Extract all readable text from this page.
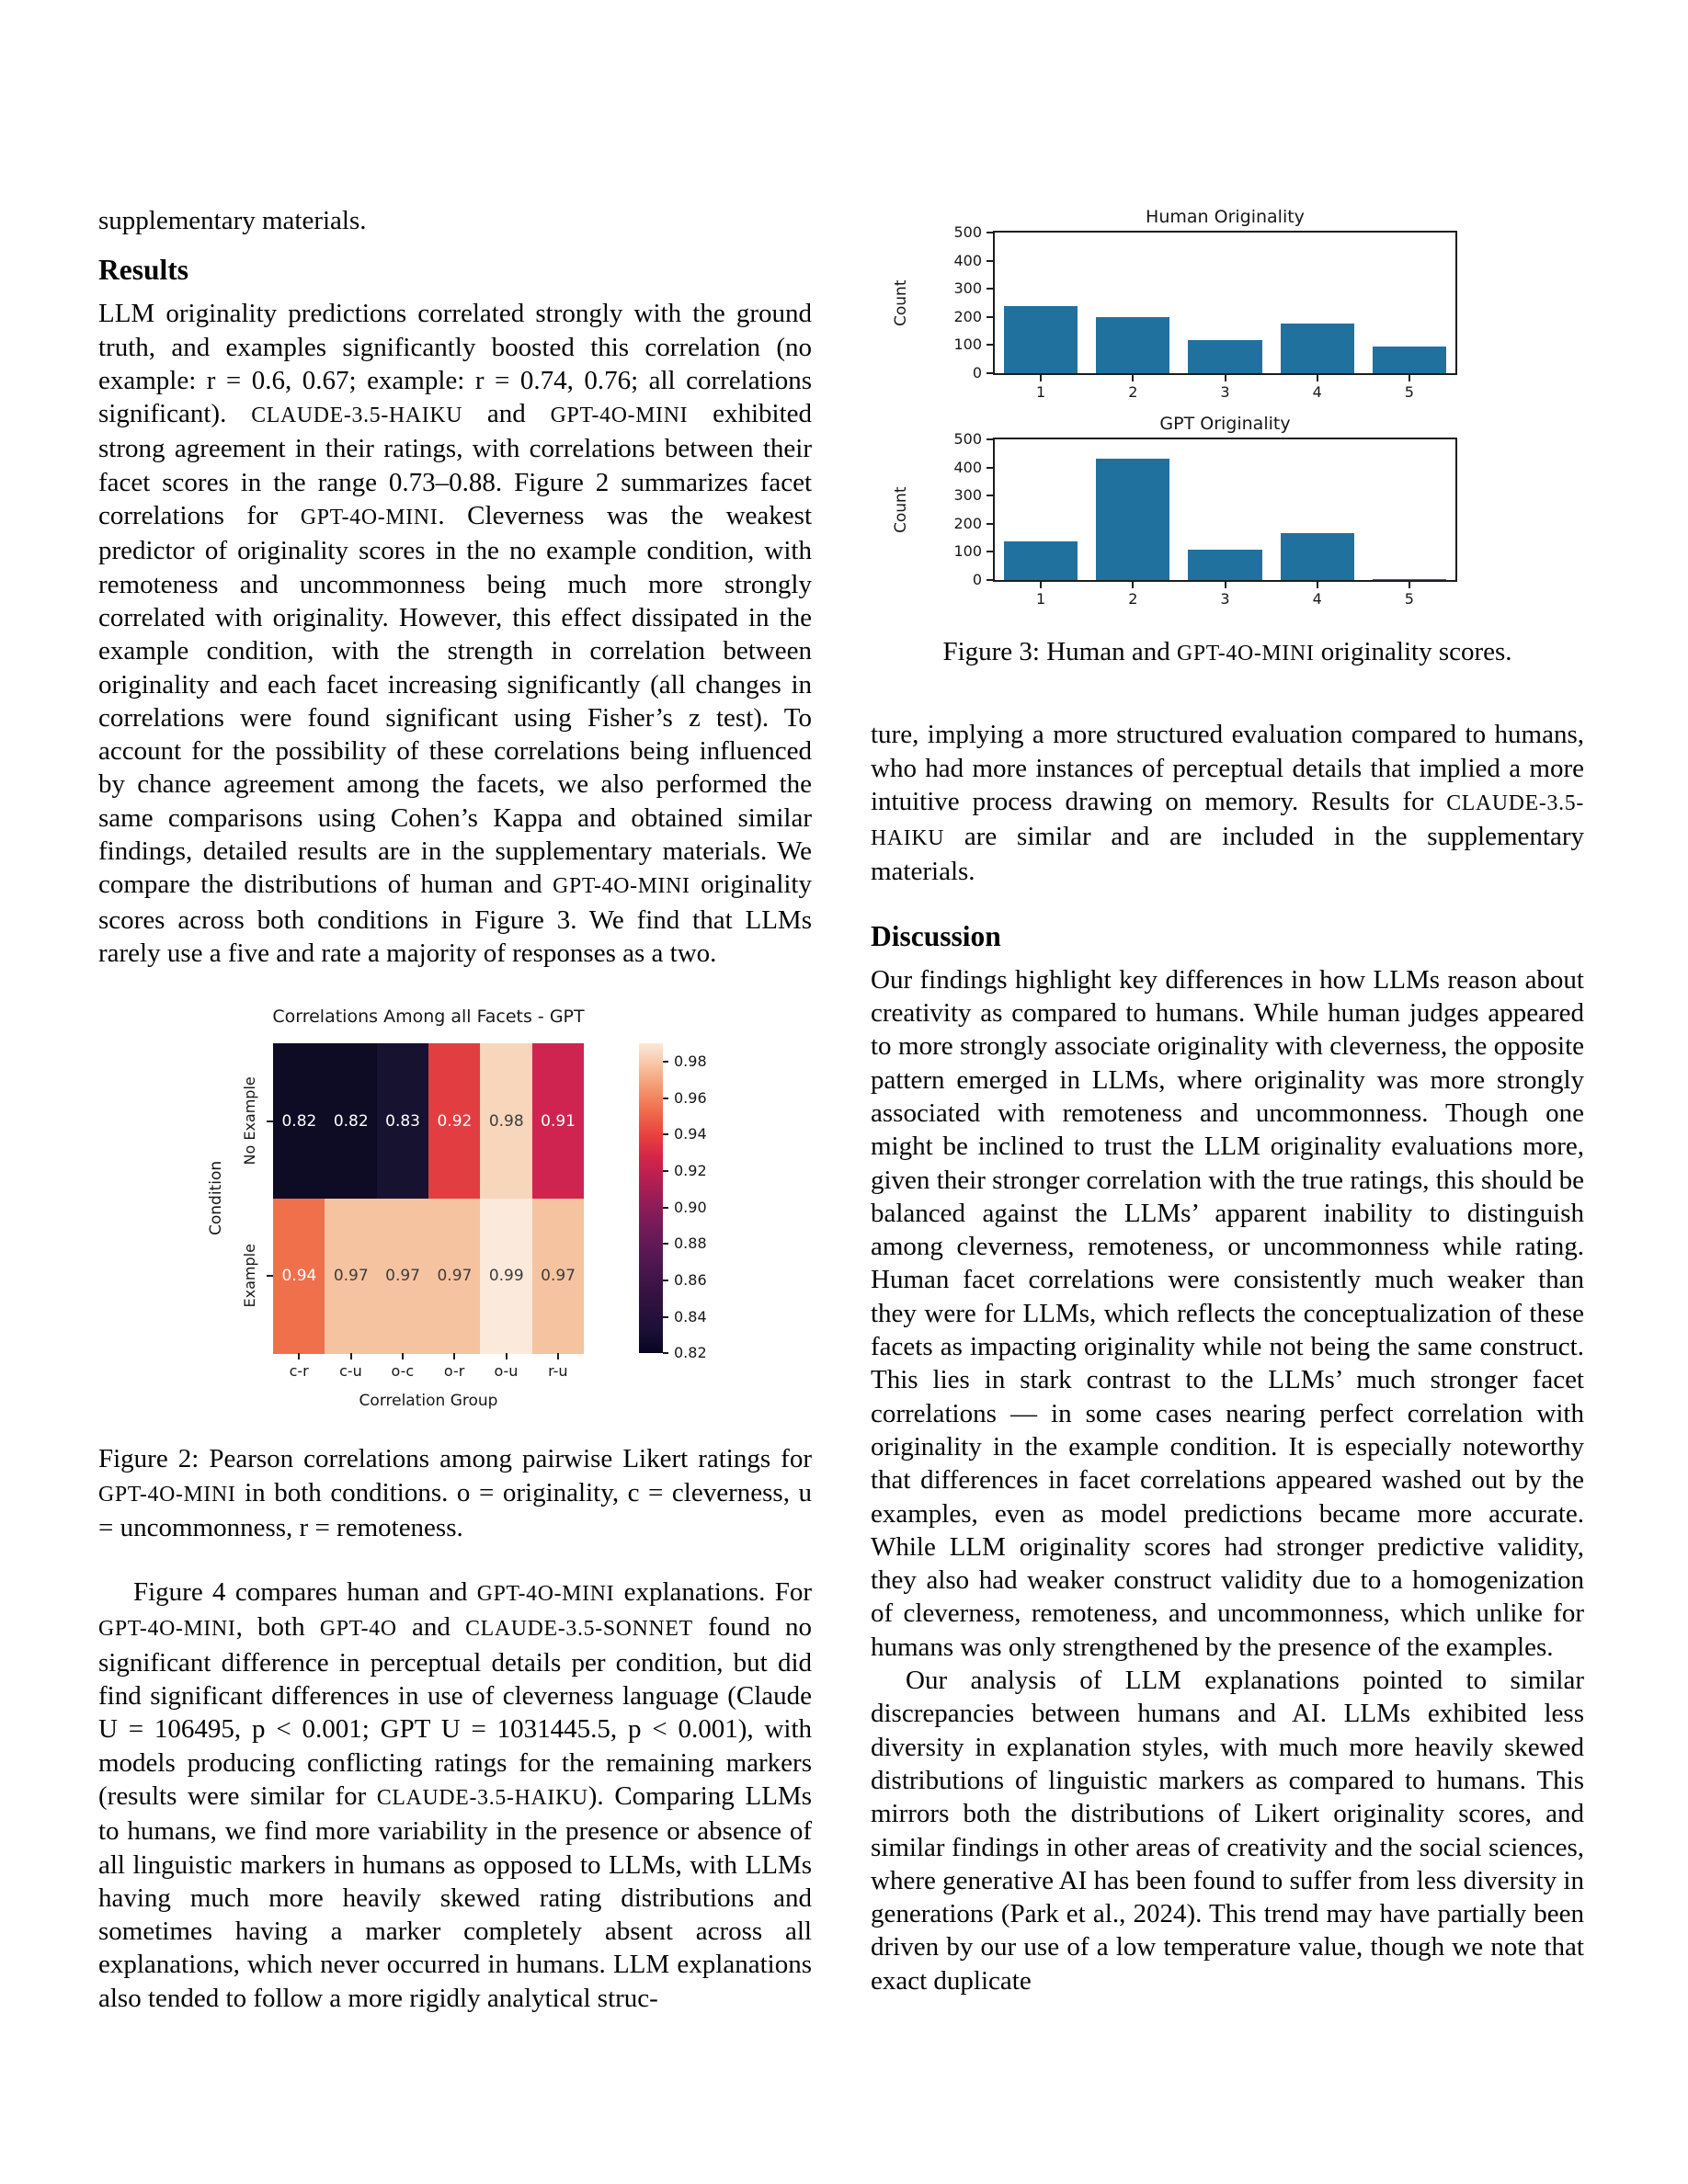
supplementary materials.

Results

LLM originality predictions correlated strongly with the ground truth, and examples significantly boosted this correlation (no example: r = 0.6, 0.67; example: r = 0.74, 0.76; all correlations significant). CLAUDE-3.5-HAIKU and GPT-4O-MINI exhibited strong agreement in their ratings, with correlations between their facet scores in the range 0.73–0.88. Figure 2 summarizes facet correlations for GPT-4O-MINI. Cleverness was the weakest predictor of originality scores in the no example condition, with remoteness and uncommonness being much more strongly correlated with originality. However, this effect dissipated in the example condition, with the strength in correlation between originality and each facet increasing significantly (all changes in correlations were found significant using Fisher’s z test). To account for the possibility of these correlations being influenced by chance agreement among the facets, we also performed the same comparisons using Cohen’s Kappa and obtained similar findings, detailed results are in the supplementary materials. We compare the distributions of human and GPT-4O-MINI originality scores across both conditions in Figure 3. We find that LLMs rarely use a five and rate a majority of responses as a two.

Correlations Among all Facets - GPT
0.82	0.82	0.83	0.92	0.98	0.91
0.94	0.97	0.97	0.97	0.99	0.97
No Example
Example
Condition
c-r	c-u	o-c	o-r	o-u	r-u
Correlation Group
0.98
0.96
0.94
0.92
0.90
0.88
0.86
0.84
0.82

Figure 2: Pearson correlations among pairwise Likert ratings for GPT-4O-MINI in both conditions. o = originality, c = cleverness, u = uncommonness, r = remoteness.

Figure 4 compares human and GPT-4O-MINI explanations. For GPT-4O-MINI, both GPT-4O and CLAUDE-3.5-SONNET found no significant difference in perceptual details per condition, but did find significant differences in use of cleverness language (Claude U = 106495, p < 0.001; GPT U = 1031445.5, p < 0.001), with models producing conflicting ratings for the remaining markers (results were similar for CLAUDE-3.5-HAIKU). Comparing LLMs to humans, we find more variability in the presence or absence of all linguistic markers in humans as opposed to LLMs, with LLMs having much more heavily skewed rating distributions and sometimes having a marker completely absent across all explanations, which never occurred in humans. LLM explanations also tended to follow a more rigidly analytical struc-

Human Originality
1	2	3	4	5
0
100
200
300
400
500
Count
GPT Originality
1	2	3	4	5
0
100
200
300
400
500
Count

Figure 3: Human and GPT-4O-MINI originality scores.

ture, implying a more structured evaluation compared to humans, who had more instances of perceptual details that implied a more intuitive process drawing on memory. Results for CLAUDE-3.5-HAIKU are similar and are included in the supplementary materials.

Discussion

Our findings highlight key differences in how LLMs reason about creativity as compared to humans. While human judges appeared to more strongly associate originality with cleverness, the opposite pattern emerged in LLMs, where originality was more strongly associated with remoteness and uncommonness. Though one might be inclined to trust the LLM originality evaluations more, given their stronger correlation with the true ratings, this should be balanced against the LLMs’ apparent inability to distinguish among cleverness, remoteness, or uncommonness while rating. Human facet correlations were consistently much weaker than they were for LLMs, which reflects the conceptualization of these facets as impacting originality while not being the same construct. This lies in stark contrast to the LLMs’ much stronger facet correlations — in some cases nearing perfect correlation with originality in the example condition. It is especially noteworthy that differences in facet correlations appeared washed out by the examples, even as model predictions became more accurate. While LLM originality scores had stronger predictive validity, they also had weaker construct validity due to a homogenization of cleverness, remoteness, and uncommonness, which unlike for humans was only strengthened by the presence of the examples.

Our analysis of LLM explanations pointed to similar discrepancies between humans and AI. LLMs exhibited less diversity in explanation styles, with much more heavily skewed distributions of linguistic markers as compared to humans. This mirrors both the distributions of Likert originality scores, and similar findings in other areas of creativity and the social sciences, where generative AI has been found to suffer from less diversity in generations (Park et al., 2024). This trend may have partially been driven by our use of a low temperature value, though we note that exact duplicate
